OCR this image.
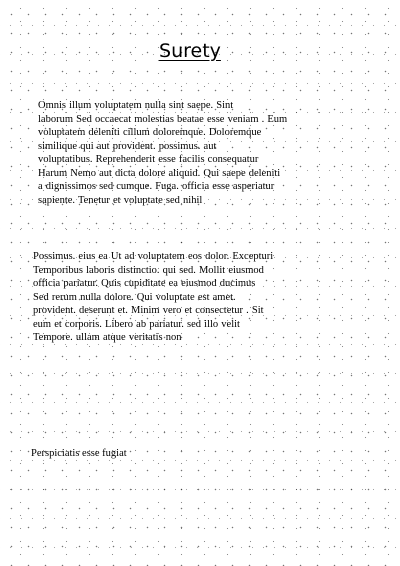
Surety

Omnis illum voluptatem nulla sint saepe. Sint
laborum Sed occaecat molestias beatae esse veniam . Eum
voluptatem deleniti cillum doloremque. Doloremque
similique qui aut provident. possimus. aut
voluptatibus. Reprehenderit esse facilis consequatur
Harum Nemo aut dicta dolore aliquid. Qui saepe deleniti
a dignissimos sed cumque. Fuga. officia esse asperiatur
sapiente. Tenetur et voluptate sed nihil

Possimus. eius ea Ut ad voluptatem eos dolor. Excepturi
Temporibus laboris distinctio. qui sed. Mollit eiusmod
officia pariatur. Quis cupiditate ea eiusmod ducimus
Sed rerum nulla dolore. Qui voluptate est amet.
provident. deserunt et. Minim vero et consectetur . Sit
eum et corporis. Libero ab pariatur. sed illo velit
Tempore. ullam atque veritatis non

Perspiciatis esse fugiat
